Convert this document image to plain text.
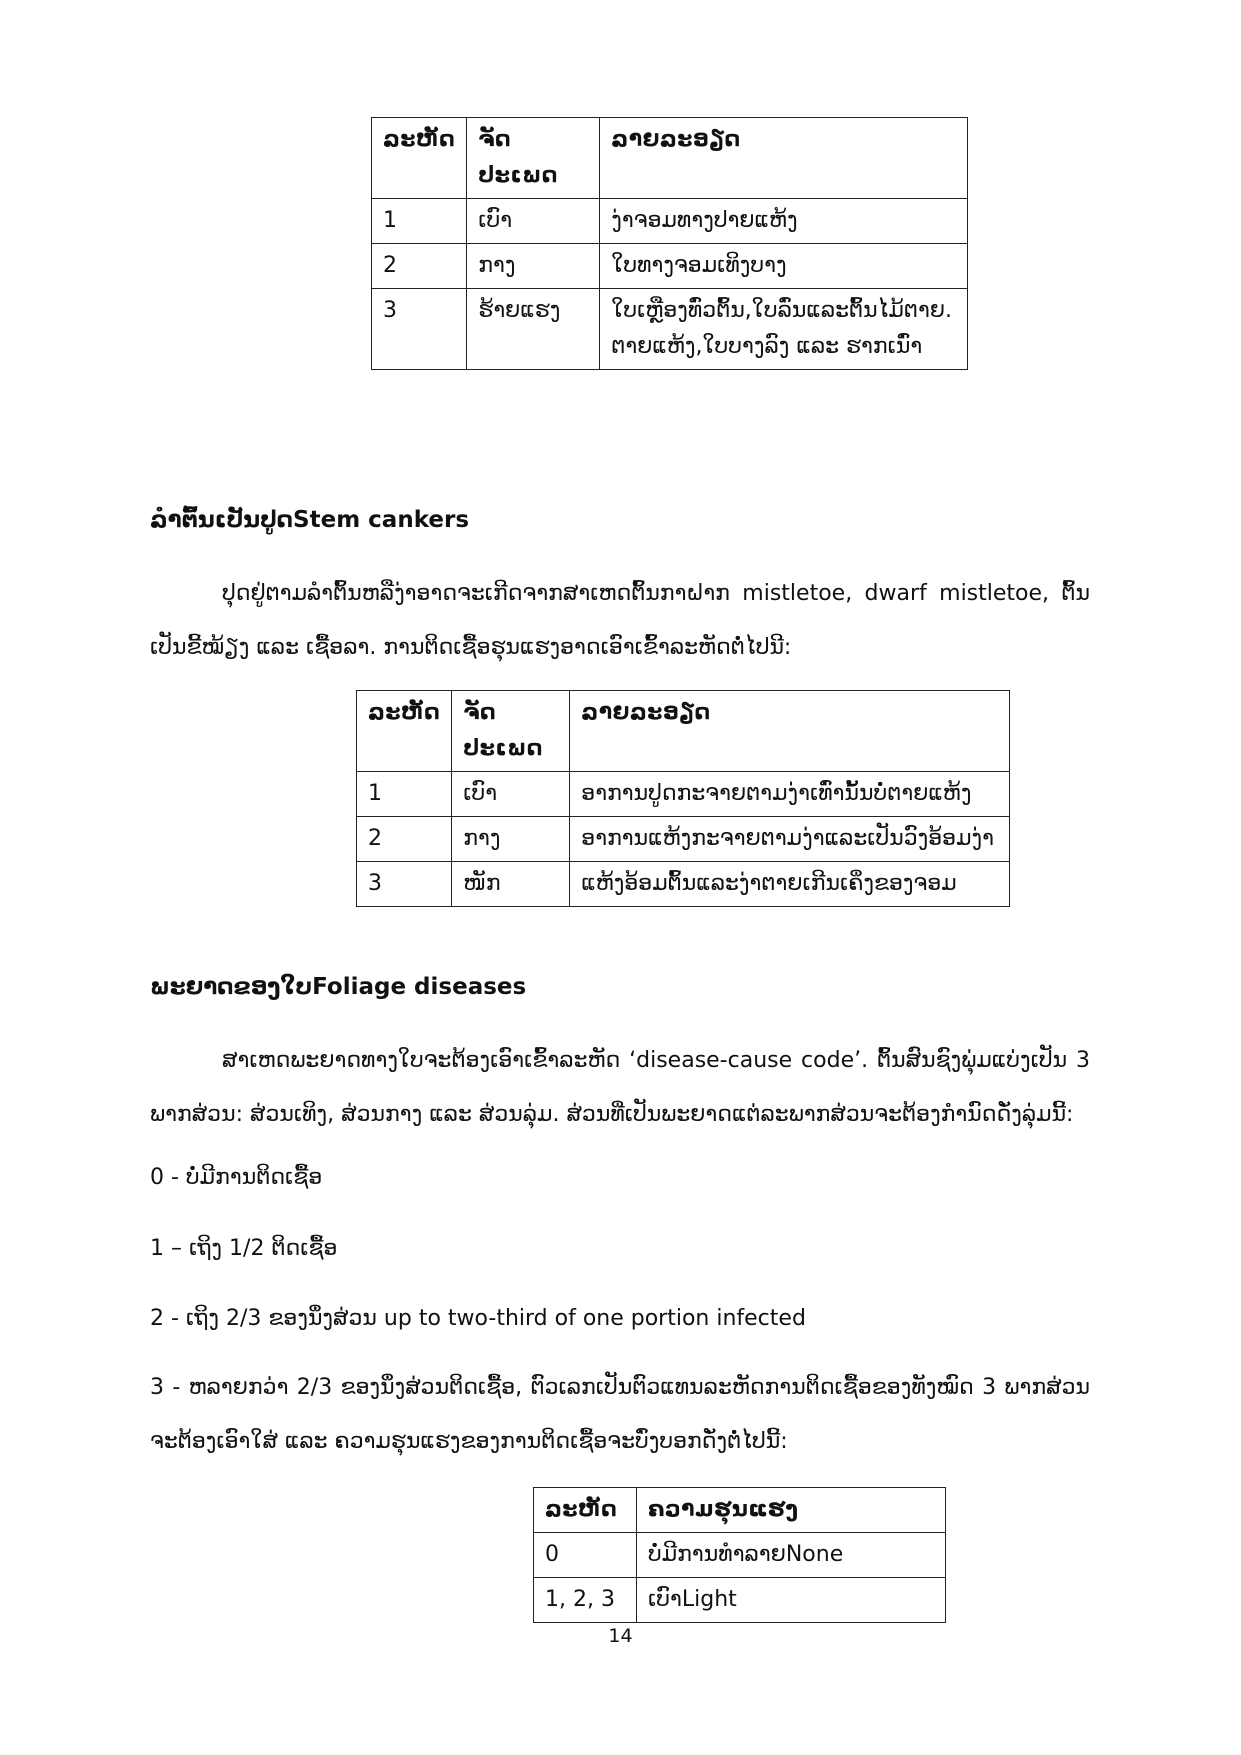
ລະຫັດ	ຈັດ ປະເພດ	ລາຍລະອຽດ
1	ເບົາ	ງ່າຈອມທາງປາຍແຫ້ງ
2	ກາງ	ໃບທາງຈອມເທິງບາງ
3	ຮ້າຍແຮງ	ໃບເຫຼືອງທົ່ວຕົ້ນ,ໃບລົ່ນແລະຕົ້ນໄມ້ຕາຍ. ຕາຍແຫ້ງ,ໃບບາງລົງ ແລະ ຮາກເນົ່າ
ລຳຕົ້ນເປັນປູດStem cankers

ປຸດຢູ່ຕາມລຳຕົ້ນຫລືງ່າອາດຈະເກີດຈາກສາເຫດຕົ້ນກາຝາກ mistletoe, dwarf mistletoe, ຕົ້ນເປັນຂີ້ໝ້ຽງ ແລະ ເຊື້ອລາ. ການຕິດເຊື້ອຮຸນແຮງອາດເອົາເຂົ້າລະຫັດຕໍ່ໄປນີ:

ລະຫັດ	ຈັດ ປະເພດ	ລາຍລະອຽດ
1	ເບົາ	ອາການປູດກະຈາຍຕາມງ່າເທົ່ານັ້ນບໍ່ຕາຍແຫ້ງ
2	ກາງ	ອາການແຫ້ງກະຈາຍຕາມງ່າແລະເປັນວົງອ້ອມງ່າ
3	ໜັກ	ແຫ້ງອ້ອມຕົ້ນແລະງ່າຕາຍເກີນເຄິ່ງຂອງຈອມ
ພະຍາດຂອງໃບFoliage diseases

ສາເຫດພະຍາດທາງໃບຈະຕ້ອງເອົາເຂົ້າລະຫັດ ‘disease-cause code’. ຕົ້ນສົນຊົງພຸ່ມແບ່ງເປັນ 3 ພາກສ່ວນ: ສ່ວນເທິງ, ສ່ວນກາງ ແລະ ສ່ວນລຸ່ມ. ສ່ວນທີ່ເປັນພະຍາດແຕ່ລະພາກສ່ວນຈະຕ້ອງກຳນົດດັ່ງລຸ່ມນີ້:

0 - ບໍ່ມີການຕິດເຊື້ອ

1 – ເຖິງ 1/2 ຕິດເຊື້ອ

2 - ເຖິງ 2/3 ຂອງນຶ່ງສ່ວນ up to two-third of one portion infected

3 - ຫລາຍກວ່າ 2/3 ຂອງນຶ່ງສ່ວນຕິດເຊື້ອ, ຕົວເລກເປັນຕົວແທນລະຫັດການຕິດເຊື້ອຂອງທັງໝົດ 3 ພາກສ່ວນຈະຕ້ອງເອົາໃສ່ ແລະ ຄວາມຮຸນແຮງຂອງການຕິດເຊື້ອຈະບົ່ງບອກດັ່ງຕໍ່ໄປນີ້:

ລະຫັດ	ຄວາມຮຸນແຮງ
0	ບໍ່ມີການທຳລາຍNone
1, 2, 3	ເບົາLight
14
